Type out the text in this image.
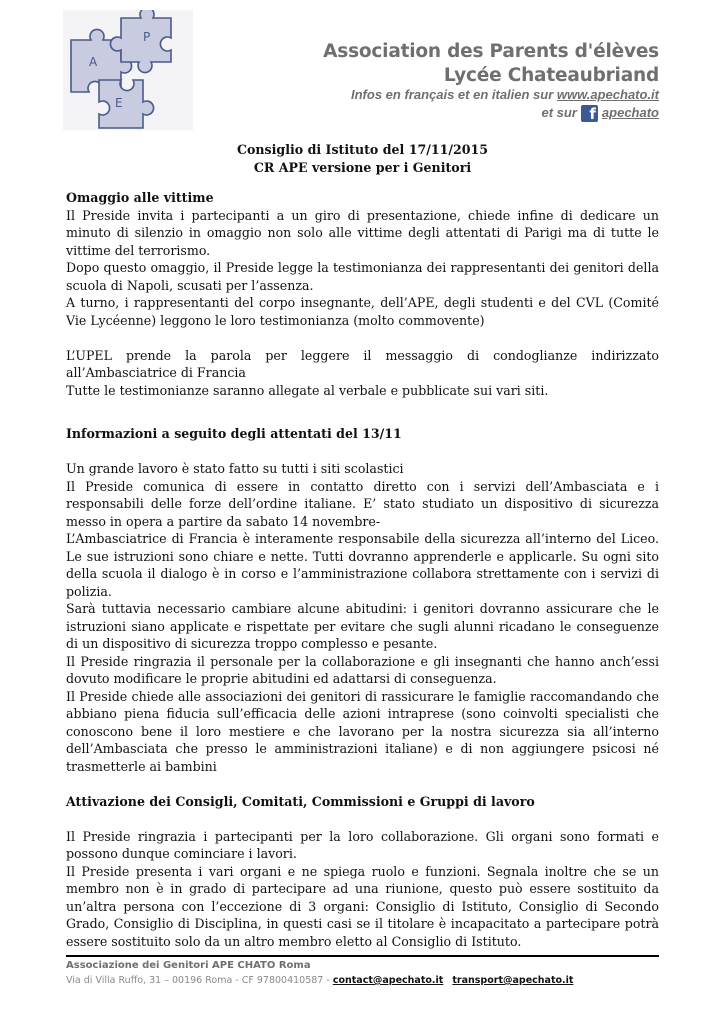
A
P
E
Association des Parents d'élèves
Lycée Chateaubriand
Infos en français et en italien sur www.apechato.it
et sur f apechato
Consiglio di Istituto del 17/11/2015
CR APE versione per i Genitori
Omaggio alle vittime

Il Preside invita i partecipanti a un giro di presentazione, chiede infine di dedicare un minuto di silenzio in omaggio non solo alle vittime degli attentati di Parigi ma di tutte le vittime del terrorismo.

Dopo questo omaggio, il Preside legge la testimonianza dei rappresentanti dei genitori della scuola di Napoli, scusati per l’assenza.

A turno, i rappresentanti del corpo insegnante, dell’APE, degli studenti e del CVL (Comité Vie Lycéenne) leggono le loro testimonianza (molto commovente)

L’UPEL prende la parola per leggere il messaggio di condoglianze indirizzato all’Ambasciatrice di Francia

Tutte le testimonianze saranno allegate al verbale e pubblicate sui vari siti.

Informazioni a seguito degli attentati del 13/11

Un grande lavoro è stato fatto su tutti i siti scolastici

Il Preside comunica di essere in contatto diretto con i servizi dell’Ambasciata e i responsabili delle forze dell’ordine italiane. E’ stato studiato un dispositivo di sicurezza messo in opera a partire da sabato 14 novembre-

L’Ambasciatrice di Francia è interamente responsabile della sicurezza all’interno del Liceo. Le sue istruzioni sono chiare e nette. Tutti dovranno apprenderle e applicarle. Su ogni sito della scuola il dialogo è in corso e l’amministrazione collabora strettamente con i servizi di polizia.

Sarà tuttavia necessario cambiare alcune abitudini: i genitori dovranno assicurare che le istruzioni siano applicate e rispettate per evitare che sugli alunni ricadano le conseguenze di un dispositivo di sicurezza troppo complesso e pesante.

Il Preside ringrazia il personale per la collaborazione e gli insegnanti che hanno anch’essi dovuto modificare le proprie abitudini ed adattarsi di conseguenza.

Il Preside chiede alle associazioni dei genitori di rassicurare le famiglie raccomandando che abbiano piena fiducia sull’efficacia delle azioni intraprese (sono coinvolti specialisti che conoscono bene il loro mestiere e che lavorano per la nostra sicurezza sia all’interno dell’Ambasciata che presso le amministrazioni italiane) e di non aggiungere psicosi né trasmetterle ai bambini

Attivazione dei Consigli, Comitati, Commissioni e Gruppi di lavoro

Il Preside ringrazia i partecipanti per la loro collaborazione. Gli organi sono formati e possono dunque cominciare i lavori.

Il Preside presenta i vari organi e ne spiega ruolo e funzioni. Segnala inoltre che se un membro non è in grado di partecipare ad una riunione, questo può essere sostituito da un’altra persona con l’eccezione di 3 organi: Consiglio di Istituto, Consiglio di Secondo Grado, Consiglio di Disciplina, in questi casi se il titolare è incapacitato a partecipare potrà essere sostituito solo da un altro membro eletto al Consiglio di Istituto.

Associazione dei Genitori APE CHATO Roma
Via di Villa Ruffo, 31 – 00196 Roma - CF 97800410587 - contact@apechato.it transport@apechato.it
